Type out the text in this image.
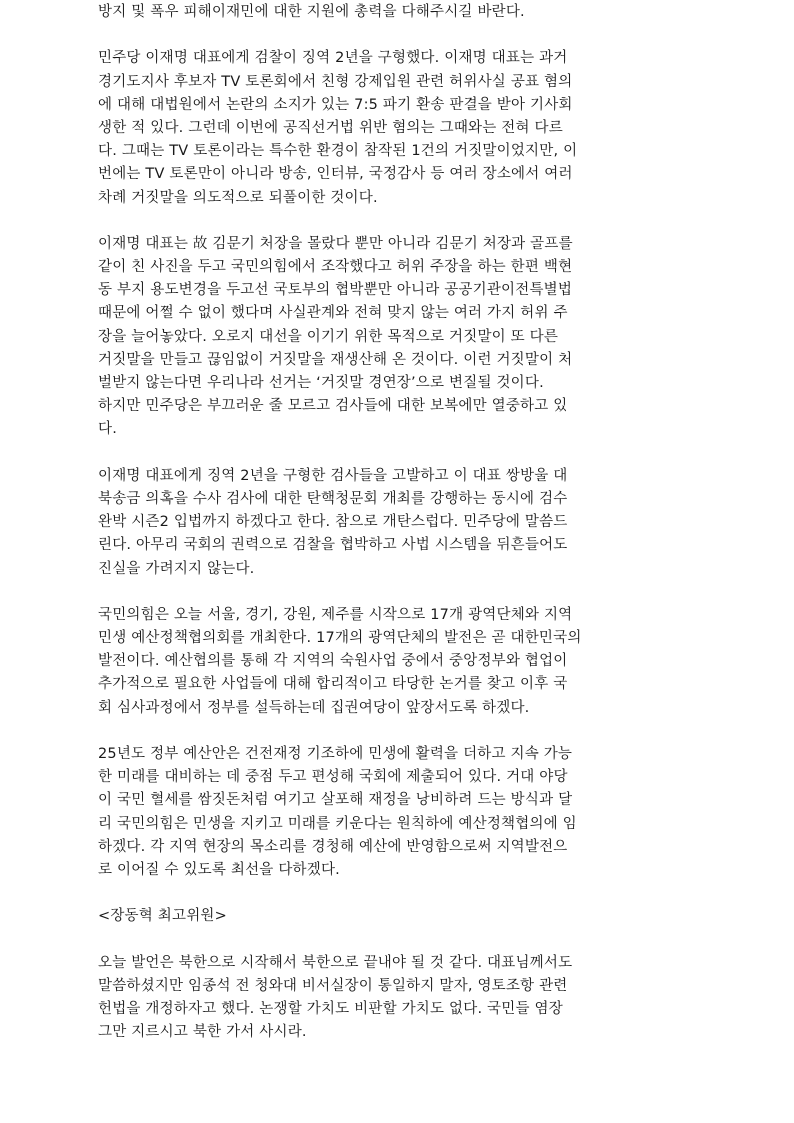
방지 및 폭우 피해이재민에 대한 지원에 총력을 다해주시길 바란다.
민주당 이재명 대표에게 검찰이 징역 2년을 구형했다. 이재명 대표는 과거
경기도지사 후보자 TV 토론회에서 친형 강제입원 관련 허위사실 공표 혐의
에 대해 대법원에서 논란의 소지가 있는 7:5 파기 환송 판결을 받아 기사회
생한 적 있다. 그런데 이번에 공직선거법 위반 혐의는 그때와는 전혀 다르
다. 그때는 TV 토론이라는 특수한 환경이 참작된 1건의 거짓말이었지만, 이
번에는 TV 토론만이 아니라 방송, 인터뷰, 국정감사 등 여러 장소에서 여러
차례 거짓말을 의도적으로 되풀이한 것이다.
이재명 대표는 故 김문기 처장을 몰랐다 뿐만 아니라 김문기 처장과 골프를
같이 친 사진을 두고 국민의힘에서 조작했다고 허위 주장을 하는 한편 백현
동 부지 용도변경을 두고선 국토부의 협박뿐만 아니라 공공기관이전특별법
때문에 어쩔 수 없이 했다며 사실관계와 전혀 맞지 않는 여러 가지 허위 주
장을 늘어놓았다. 오로지 대선을 이기기 위한 목적으로 거짓말이 또 다른
거짓말을 만들고 끊임없이 거짓말을 재생산해 온 것이다. 이런 거짓말이 처
벌받지 않는다면 우리나라 선거는 ‘거짓말 경연장’으로 변질될 것이다.
하지만 민주당은 부끄러운 줄 모르고 검사들에 대한 보복에만 열중하고 있
다.
이재명 대표에게 징역 2년을 구형한 검사들을 고발하고 이 대표 쌍방울 대
북송금 의혹을 수사 검사에 대한 탄핵청문회 개최를 강행하는 동시에 검수
완박 시즌2 입법까지 하겠다고 한다. 참으로 개탄스럽다. 민주당에 말씀드
린다. 아무리 국회의 권력으로 검찰을 협박하고 사법 시스템을 뒤흔들어도
진실을 가려지지 않는다.
국민의힘은 오늘 서울, 경기, 강원, 제주를 시작으로 17개 광역단체와 지역
민생 예산정책협의회를 개최한다. 17개의 광역단체의 발전은 곧 대한민국의
발전이다. 예산협의를 통해 각 지역의 숙원사업 중에서 중앙정부와 협업이
추가적으로 필요한 사업들에 대해 합리적이고 타당한 논거를 찾고 이후 국
회 심사과정에서 정부를 설득하는데 집권여당이 앞장서도록 하겠다.
25년도 정부 예산안은 건전재정 기조하에 민생에 활력을 더하고 지속 가능
한 미래를 대비하는 데 중점 두고 편성해 국회에 제출되어 있다. 거대 야당
이 국민 혈세를 쌈짓돈처럼 여기고 살포해 재정을 낭비하려 드는 방식과 달
리 국민의힘은 민생을 지키고 미래를 키운다는 원칙하에 예산정책협의에 임
하겠다. 각 지역 현장의 목소리를 경청해 예산에 반영함으로써 지역발전으
로 이어질 수 있도록 최선을 다하겠다.
<장동혁 최고위원>
오늘 발언은 북한으로 시작해서 북한으로 끝내야 될 것 같다. 대표님께서도
말씀하셨지만 임종석 전 청와대 비서실장이 통일하지 말자, 영토조항 관련
헌법을 개정하자고 했다. 논쟁할 가치도 비판할 가치도 없다. 국민들 염장
그만 지르시고 북한 가서 사시라.
